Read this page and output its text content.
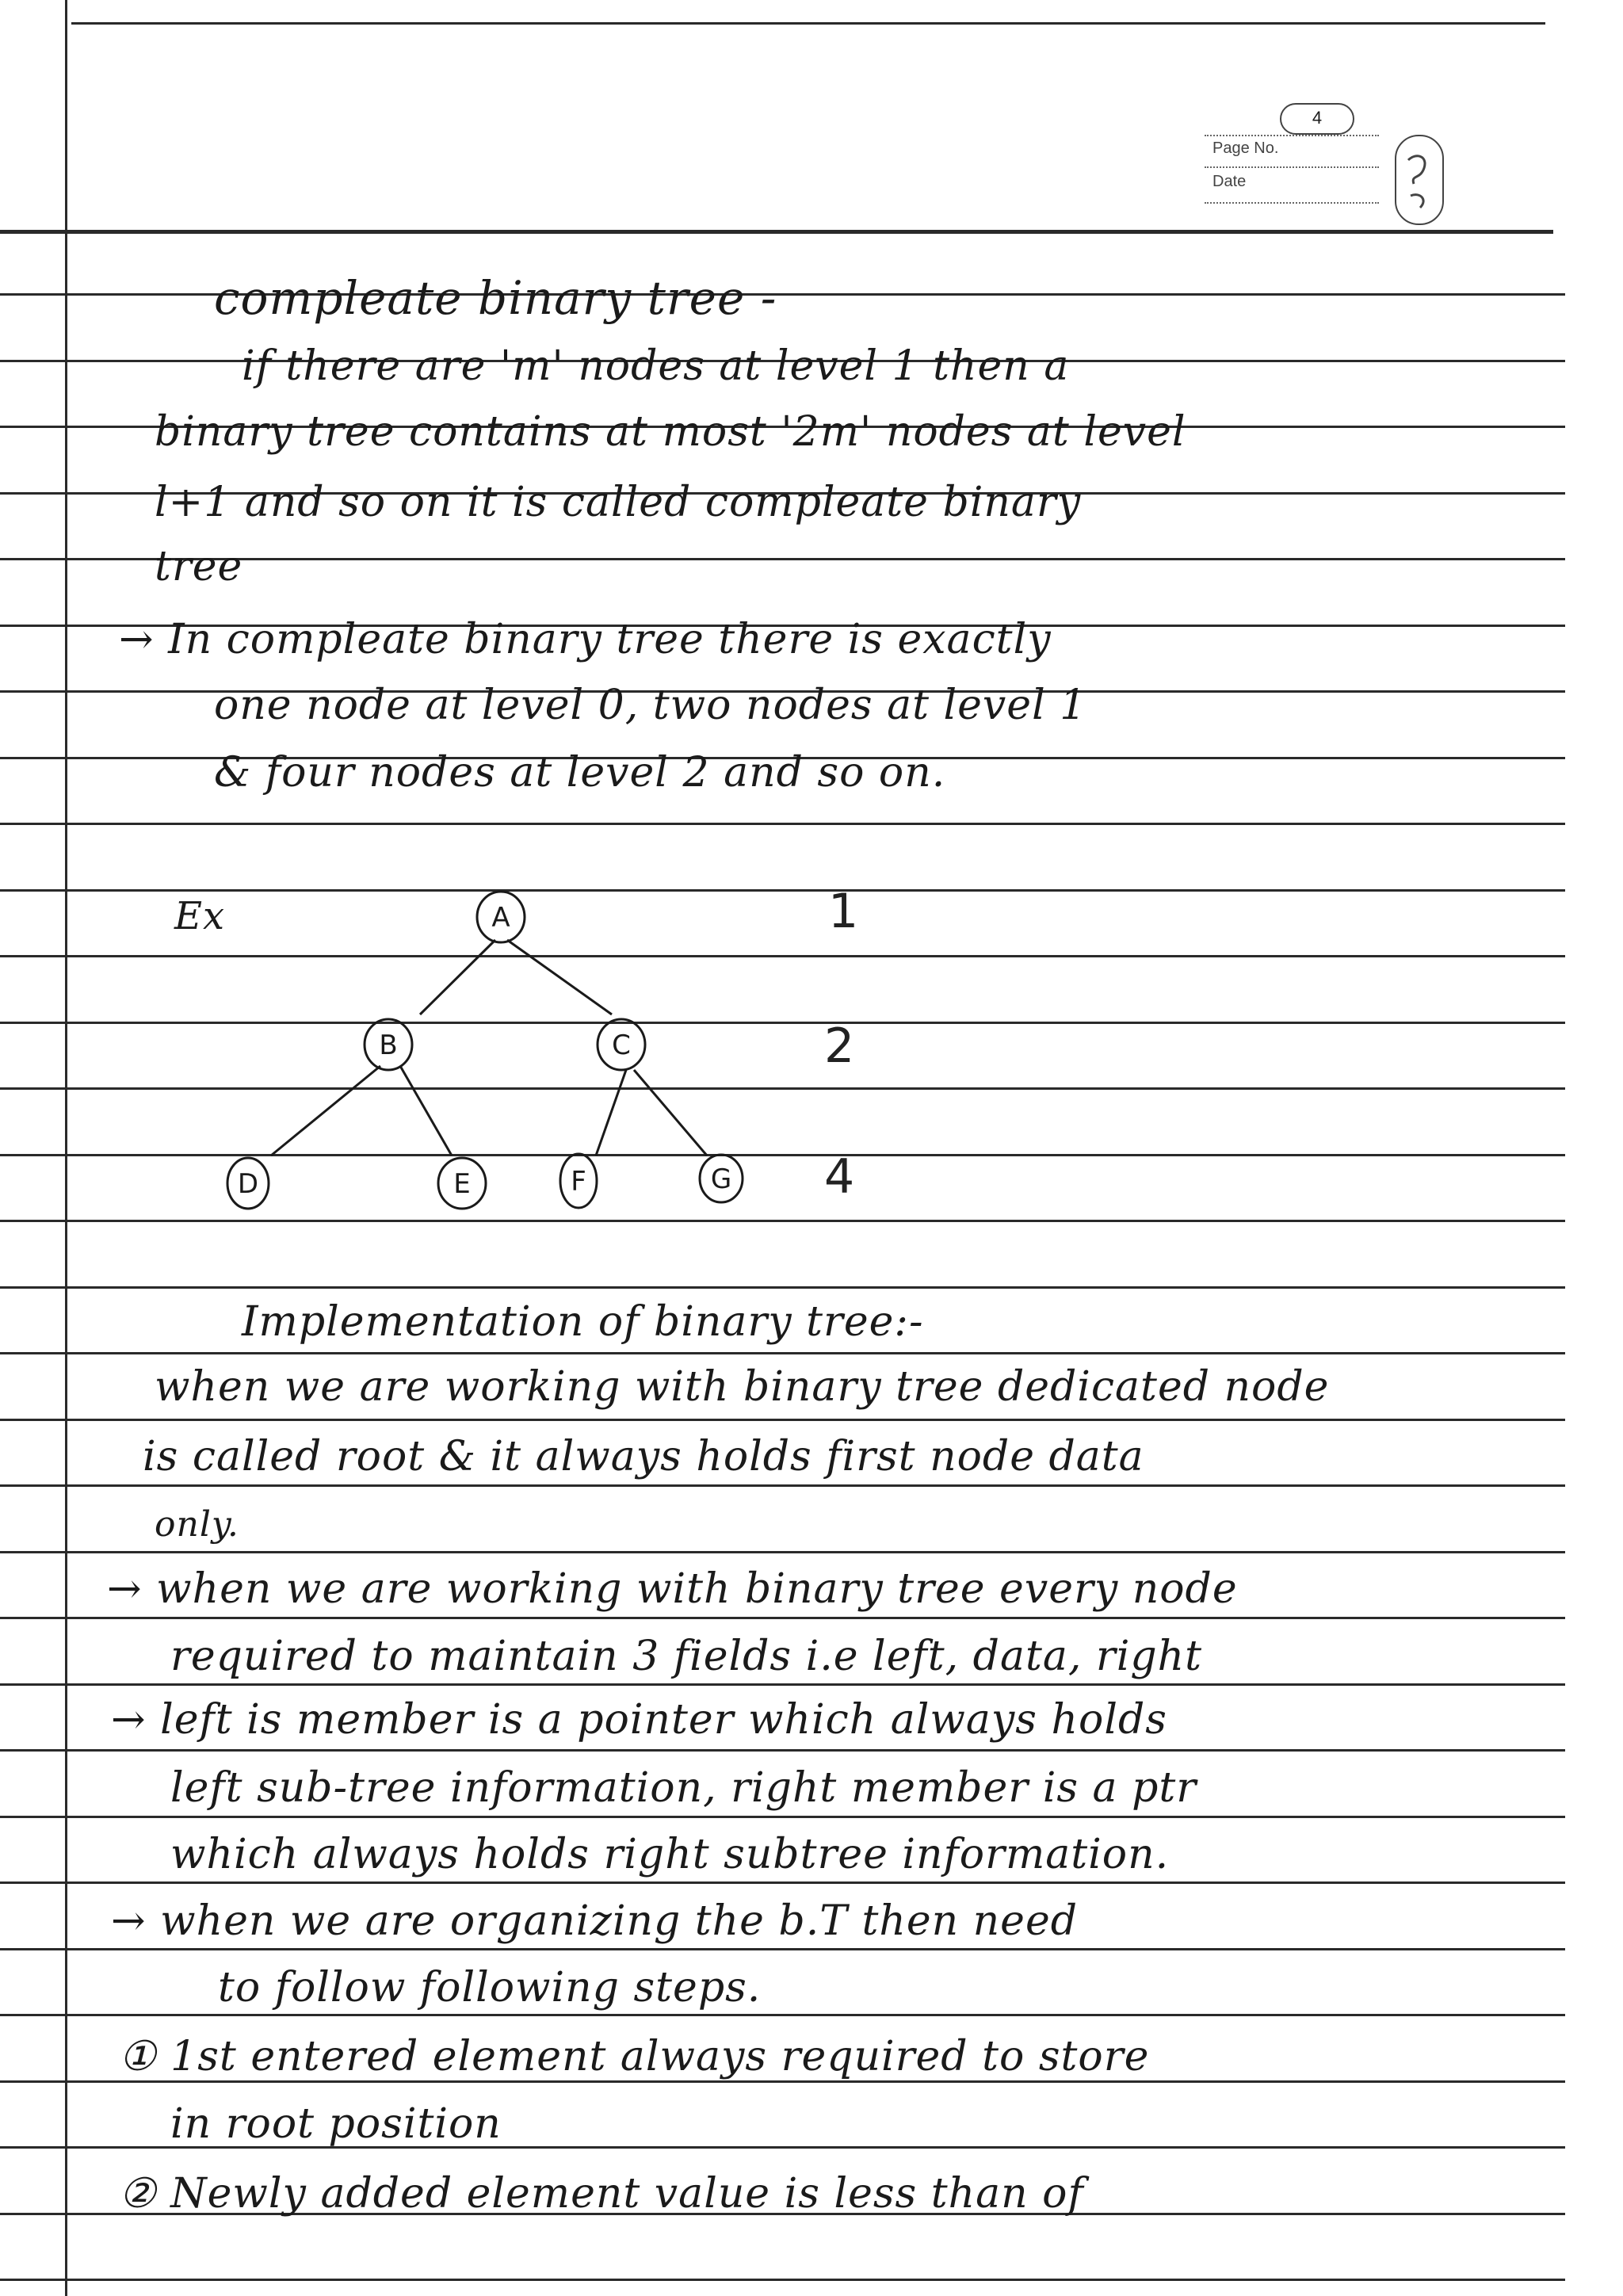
4
Page No.
Date
compleate binary tree -
if there are 'm' nodes at level 1 then a
binary tree contains at most '2m' nodes at level
l+1 and so on it is called compleate binary
tree
→ In compleate binary tree there is exactly
one node at level 0, two nodes at level 1
& four nodes at level 2 and so on.
Ex	A
B	C
D	E	F	G
1
2
4
Implementation of binary tree:-
when we are working with binary tree dedicated node
is called root & it always holds first node data
only.
→ when we are working with binary tree every node
required to maintain 3 fields i.e left, data, right
→ left is member is a pointer which always holds
left sub-tree information, right member is a ptr
which always holds right subtree information.
→ when we are organizing the b.T then need
to follow following steps.
① 1st entered element always required to store
in root position
② Newly added element value is less than of
